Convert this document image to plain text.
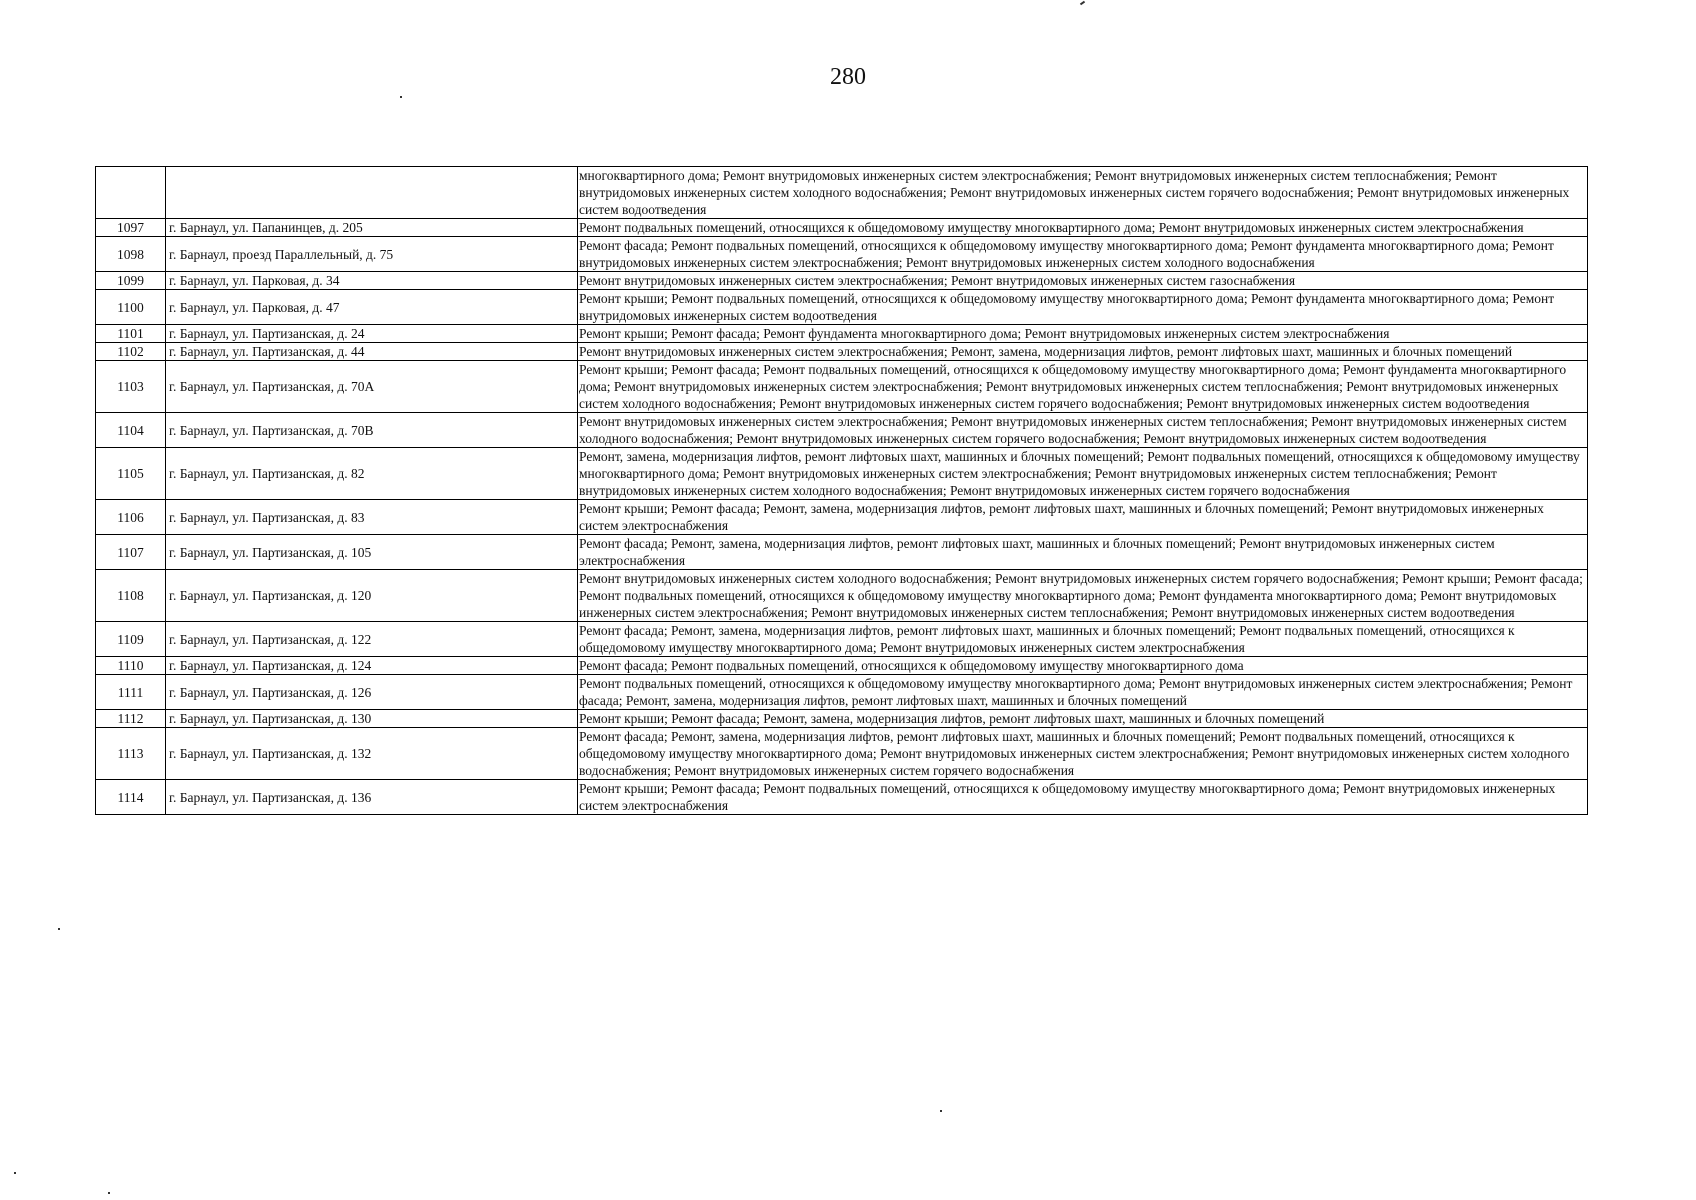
280
		многоквартирного дома; Ремонт внутридомовых инженерных систем электроснабжения; Ремонт внутридомовых инженерных систем теплоснабжения; Ремонт внутридомовых инженерных систем холодного водоснабжения; Ремонт внутридомовых инженерных систем горячего водоснабжения; Ремонт внутридомовых инженерных систем водоотведения
1097	г. Барнаул, ул. Папанинцев, д. 205	Ремонт подвальных помещений, относящихся к общедомовому имуществу многоквартирного дома; Ремонт внутридомовых инженерных систем электроснабжения
1098	г. Барнаул, проезд Параллельный, д. 75	Ремонт фасада; Ремонт подвальных помещений, относящихся к общедомовому имуществу многоквартирного дома; Ремонт фундамента многоквартирного дома; Ремонт внутридомовых инженерных систем электроснабжения; Ремонт внутридомовых инженерных систем холодного водоснабжения
1099	г. Барнаул, ул. Парковая, д. 34	Ремонт внутридомовых инженерных систем электроснабжения; Ремонт внутридомовых инженерных систем газоснабжения
1100	г. Барнаул, ул. Парковая, д. 47	Ремонт крыши; Ремонт подвальных помещений, относящихся к общедомовому имуществу многоквартирного дома; Ремонт фундамента многоквартирного дома; Ремонт внутридомовых инженерных систем водоотведения
1101	г. Барнаул, ул. Партизанская, д. 24	Ремонт крыши; Ремонт фасада; Ремонт фундамента многоквартирного дома; Ремонт внутридомовых инженерных систем электроснабжения
1102	г. Барнаул, ул. Партизанская, д. 44	Ремонт внутридомовых инженерных систем электроснабжения; Ремонт, замена, модернизация лифтов, ремонт лифтовых шахт, машинных и блочных помещений
1103	г. Барнаул, ул. Партизанская, д. 70А	Ремонт крыши; Ремонт фасада; Ремонт подвальных помещений, относящихся к общедомовому имуществу многоквартирного дома; Ремонт фундамента многоквартирного дома; Ремонт внутридомовых инженерных систем электроснабжения; Ремонт внутридомовых инженерных систем теплоснабжения; Ремонт внутридомовых инженерных систем холодного водоснабжения; Ремонт внутридомовых инженерных систем горячего водоснабжения; Ремонт внутридомовых инженерных систем водоотведения
1104	г. Барнаул, ул. Партизанская, д. 70В	Ремонт внутридомовых инженерных систем электроснабжения; Ремонт внутридомовых инженерных систем теплоснабжения; Ремонт внутридомовых инженерных систем холодного водоснабжения; Ремонт внутридомовых инженерных систем горячего водоснабжения; Ремонт внутридомовых инженерных систем водоотведения
1105	г. Барнаул, ул. Партизанская, д. 82	Ремонт, замена, модернизация лифтов, ремонт лифтовых шахт, машинных и блочных помещений; Ремонт подвальных помещений, относящихся к общедомовому имуществу многоквартирного дома; Ремонт внутридомовых инженерных систем электроснабжения; Ремонт внутридомовых инженерных систем теплоснабжения; Ремонт внутридомовых инженерных систем холодного водоснабжения; Ремонт внутридомовых инженерных систем горячего водоснабжения
1106	г. Барнаул, ул. Партизанская, д. 83	Ремонт крыши; Ремонт фасада; Ремонт, замена, модернизация лифтов, ремонт лифтовых шахт, машинных и блочных помещений; Ремонт внутридомовых инженерных систем электроснабжения
1107	г. Барнаул, ул. Партизанская, д. 105	Ремонт фасада; Ремонт, замена, модернизация лифтов, ремонт лифтовых шахт, машинных и блочных помещений; Ремонт внутридомовых инженерных систем электроснабжения
1108	г. Барнаул, ул. Партизанская, д. 120	Ремонт внутридомовых инженерных систем холодного водоснабжения; Ремонт внутридомовых инженерных систем горячего водоснабжения; Ремонт крыши; Ремонт фасада; Ремонт подвальных помещений, относящихся к общедомовому имуществу многоквартирного дома; Ремонт фундамента многоквартирного дома; Ремонт внутридомовых инженерных систем электроснабжения; Ремонт внутридомовых инженерных систем теплоснабжения; Ремонт внутридомовых инженерных систем водоотведения
1109	г. Барнаул, ул. Партизанская, д. 122	Ремонт фасада; Ремонт, замена, модернизация лифтов, ремонт лифтовых шахт, машинных и блочных помещений; Ремонт подвальных помещений, относящихся к общедомовому имуществу многоквартирного дома; Ремонт внутридомовых инженерных систем электроснабжения
1110	г. Барнаул, ул. Партизанская, д. 124	Ремонт фасада; Ремонт подвальных помещений, относящихся к общедомовому имуществу многоквартирного дома
1111	г. Барнаул, ул. Партизанская, д. 126	Ремонт подвальных помещений, относящихся к общедомовому имуществу многоквартирного дома; Ремонт внутридомовых инженерных систем электроснабжения; Ремонт фасада; Ремонт, замена, модернизация лифтов, ремонт лифтовых шахт, машинных и блочных помещений
1112	г. Барнаул, ул. Партизанская, д. 130	Ремонт крыши; Ремонт фасада; Ремонт, замена, модернизация лифтов, ремонт лифтовых шахт, машинных и блочных помещений
1113	г. Барнаул, ул. Партизанская, д. 132	Ремонт фасада; Ремонт, замена, модернизация лифтов, ремонт лифтовых шахт, машинных и блочных помещений; Ремонт подвальных помещений, относящихся к общедомовому имуществу многоквартирного дома; Ремонт внутридомовых инженерных систем электроснабжения; Ремонт внутридомовых инженерных систем холодного водоснабжения; Ремонт внутридомовых инженерных систем горячего водоснабжения
1114	г. Барнаул, ул. Партизанская, д. 136	Ремонт крыши; Ремонт фасада; Ремонт подвальных помещений, относящихся к общедомовому имуществу многоквартирного дома; Ремонт внутридомовых инженерных систем электроснабжения
